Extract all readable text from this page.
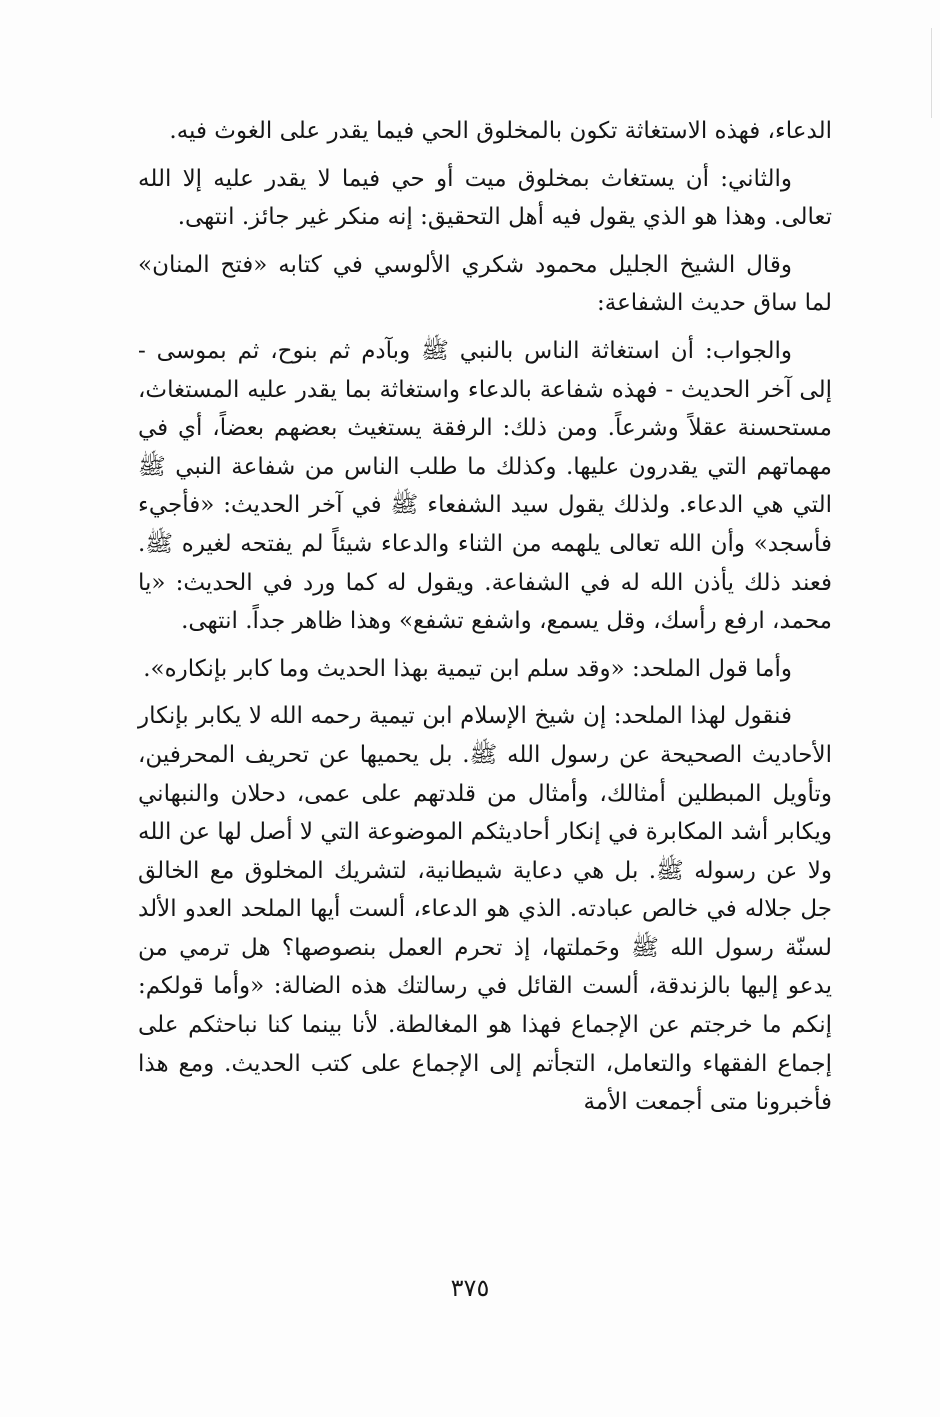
الدعاء، فهذه الاستغاثة تكون بالمخلوق الحي فيما يقدر على الغوث فيه.

والثاني: أن يستغاث بمخلوق ميت أو حي فيما لا يقدر عليه إلا الله تعالى. وهذا هو الذي يقول فيه أهل التحقيق: إنه منكر غير جائز. انتهى.

وقال الشيخ الجليل محمود شكري الألوسي في كتابه «فتح المنان» لما ساق حديث الشفاعة:

والجواب: أن استغاثة الناس بالنبي ﷺ وبآدم ثم بنوح، ثم بموسى - إلى آخر الحديث - فهذه شفاعة بالدعاء واستغاثة بما يقدر عليه المستغاث، مستحسنة عقلاً وشرعاً. ومن ذلك: الرفقة يستغيث بعضهم بعضاً، أي في مهماتهم التي يقدرون عليها. وكذلك ما طلب الناس من شفاعة النبي ﷺ التي هي الدعاء. ولذلك يقول سيد الشفعاء ﷺ في آخر الحديث: «فأجيء فأسجد» وأن الله تعالى يلهمه من الثناء والدعاء شيئاً لم يفتحه لغيره ﷺ. فعند ذلك يأذن الله له في الشفاعة. ويقول له كما ورد في الحديث: «يا محمد، ارفع رأسك، وقل يسمع، واشفع تشفع» وهذا ظاهر جداً. انتهى.

وأما قول الملحد: «وقد سلم ابن تيمية بهذا الحديث وما كابر بإنكاره».

فنقول لهذا الملحد: إن شيخ الإسلام ابن تيمية رحمه الله لا يكابر بإنكار الأحاديث الصحيحة عن رسول الله ﷺ. بل يحميها عن تحريف المحرفين، وتأويل المبطلين أمثالك، وأمثال من قلدتهم على عمى، دحلان والنبهاني ويكابر أشد المكابرة في إنكار أحاديثكم الموضوعة التي لا أصل لها عن الله ولا عن رسوله ﷺ. بل هي دعاية شيطانية، لتشريك المخلوق مع الخالق جل جلاله في خالص عبادته. الذي هو الدعاء، ألست أيها الملحد العدو الألد لسنّة رسول الله ﷺ وحَملتها، إذ تحرم العمل بنصوصها؟ هل ترمي من يدعو إليها بالزندقة، ألست القائل في رسالتك هذه الضالة: «وأما قولكم: إنكم ما خرجتم عن الإجماع فهذا هو المغالطة. لأنا بينما كنا نباحثكم على إجماع الفقهاء والتعامل، التجأتم إلى الإجماع على كتب الحديث. ومع هذا فأخبرونا متى أجمعت الأمة

٣٧٥
